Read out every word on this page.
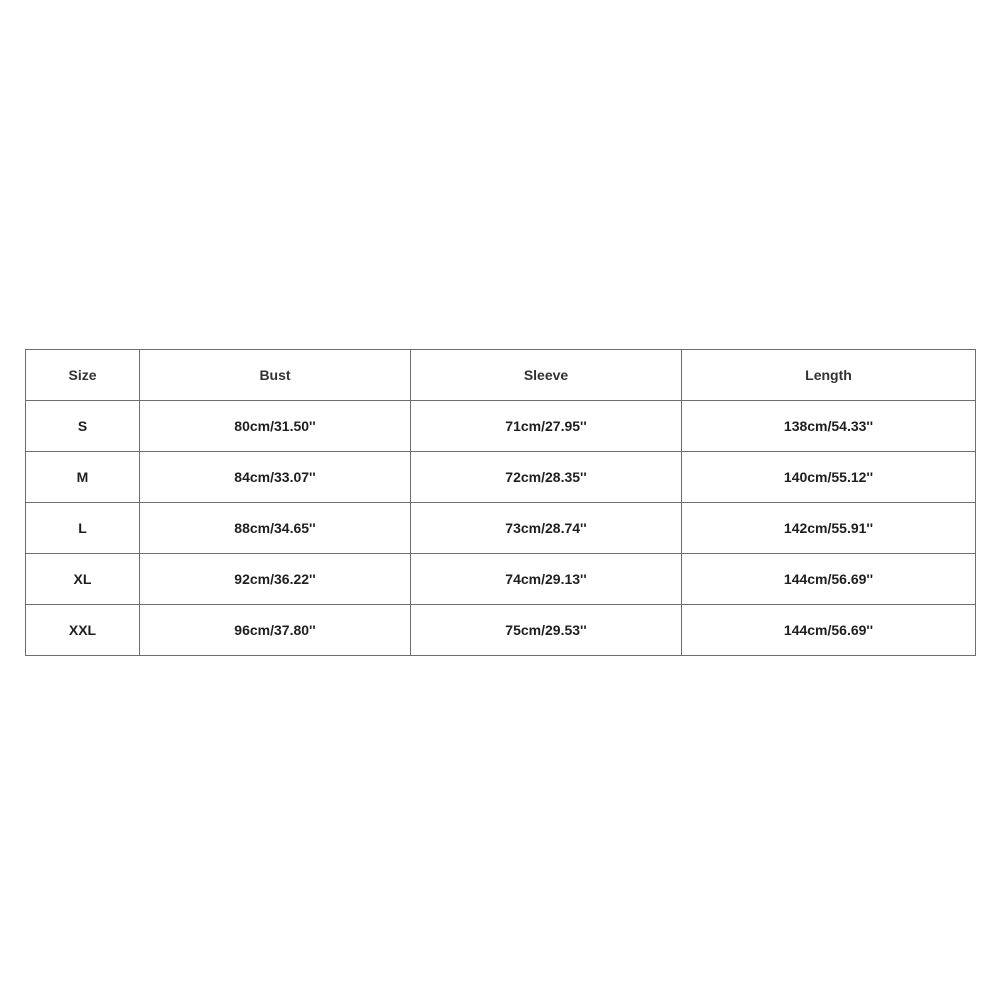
Size	Bust	Sleeve	Length
S	80cm/31.50''	71cm/27.95''	138cm/54.33''
M	84cm/33.07''	72cm/28.35''	140cm/55.12''
L	88cm/34.65''	73cm/28.74''	142cm/55.91''
XL	92cm/36.22''	74cm/29.13''	144cm/56.69''
XXL	96cm/37.80''	75cm/29.53''	144cm/56.69''
